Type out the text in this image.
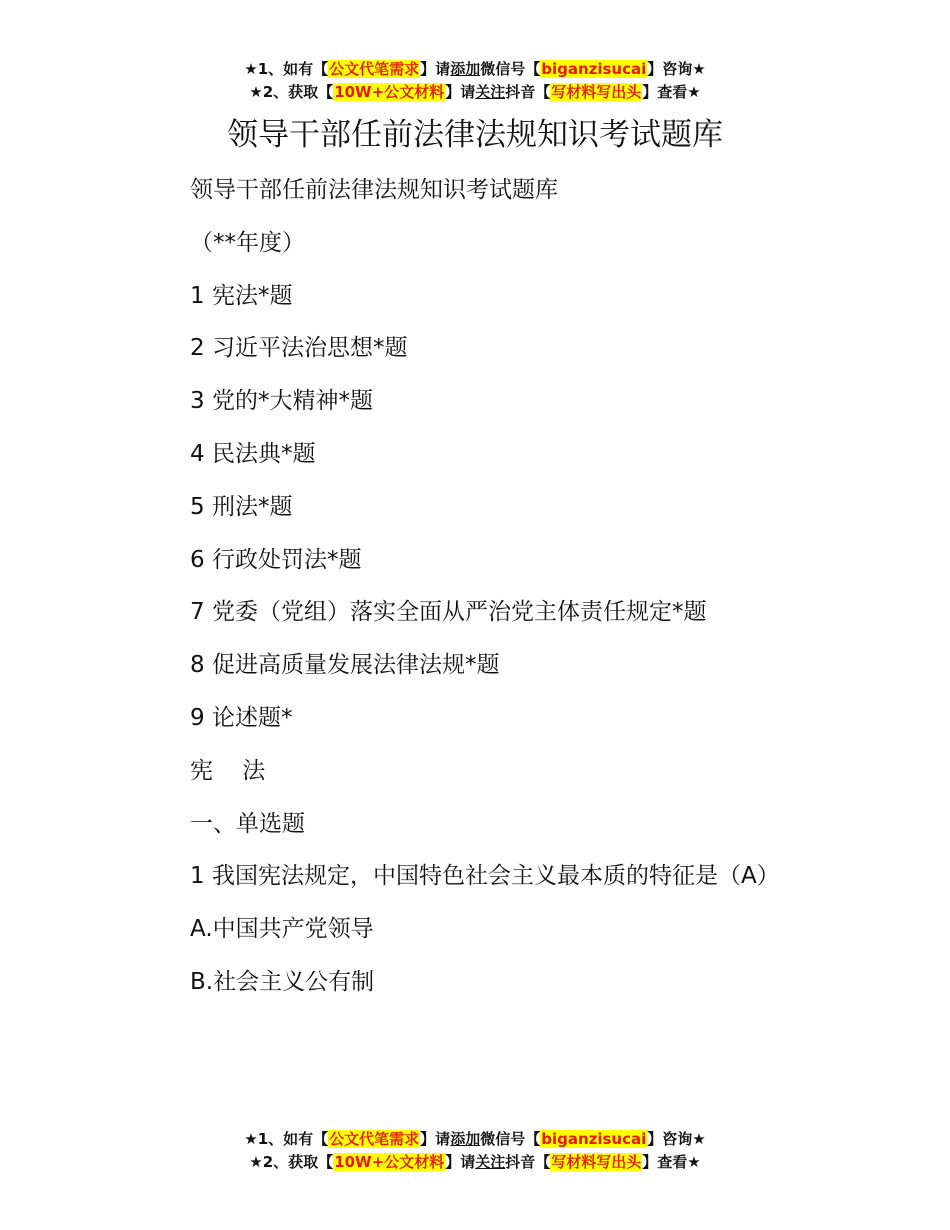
★1、如有【公文代笔需求】请添加微信号【biganzisucai】咨询★
★2、获取【10W+公文材料】请关注抖音【写材料写出头】查看★
领导干部任前法律法规知识考试题库

领导干部任前法律法规知识考试题库

（**年度）

1 宪法*题

2 习近平法治思想*题

3 党的*大精神*题

4 民法典*题

5 刑法*题

6 行政处罚法*题

7 党委（党组）落实全面从严治党主体责任规定*题

8 促进高质量发展法律法规*题

9 论述题*

宪    法

一、单选题

1 我国宪法规定，中国特色社会主义最本质的特征是（A）

A.中国共产党领导

B.社会主义公有制

★1、如有【公文代笔需求】请添加微信号【biganzisucai】咨询★
★2、获取【10W+公文材料】请关注抖音【写材料写出头】查看★
